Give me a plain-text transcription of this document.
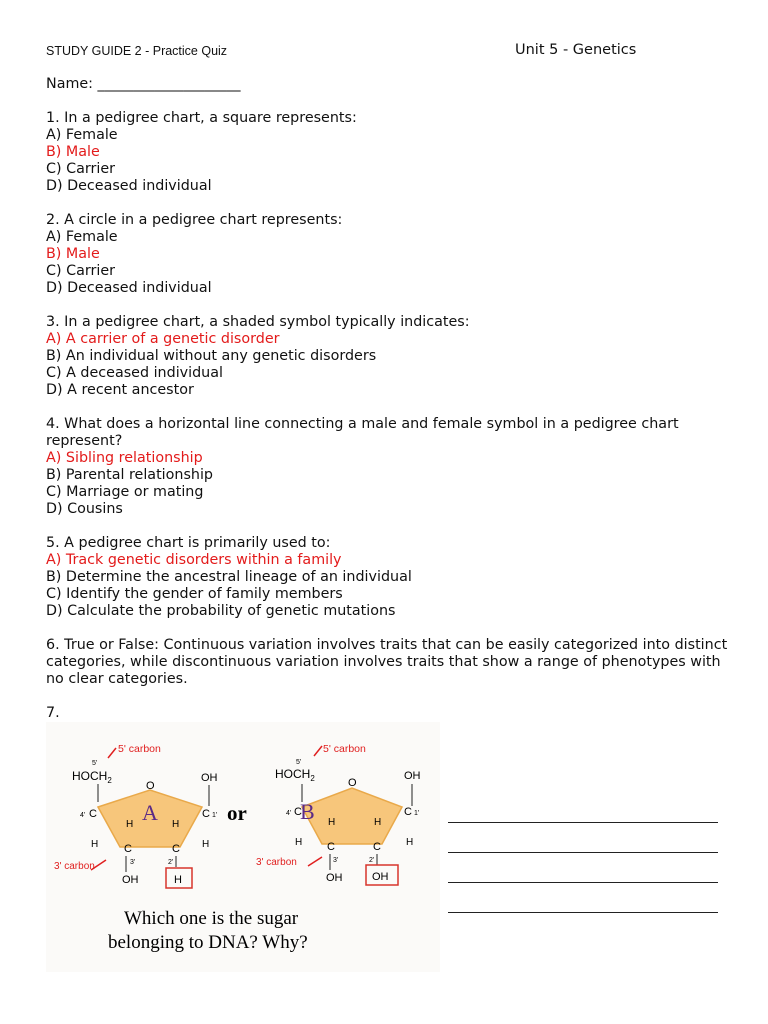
STUDY GUIDE 2 - Practice Quiz	Unit 5 - Genetics
Name: ____________________
1. In a pedigree chart, a square represents:
A) Female
B) Male
C) Carrier
D) Deceased individual
2. A circle in a pedigree chart represents:
A) Female
B) Male
C) Carrier
D) Deceased individual
3. In a pedigree chart, a shaded symbol typically indicates:
A) A carrier of a genetic disorder
B) An individual without any genetic disorders
C) A deceased individual
D) A recent ancestor
4. What does a horizontal line connecting a male and female symbol in a pedigree chart represent?
A) Sibling relationship
B) Parental relationship
C) Marriage or mating
D) Cousins
5. A pedigree chart is primarily used to:
A) Track genetic disorders within a family
B) Determine the ancestral lineage of an individual
C) Identify the gender of family members
D) Calculate the probability of genetic mutations
6. True or False: Continuous variation involves traits that can be easily categorized into distinct categories, while discontinuous variation involves traits that show a range of phenotypes with no clear categories.
7.
5' carbon
5'
$HOCH_2$	O
OH
4' C	C 1'
H	H
H	H
C	C
3'	2'
3' carbon
OH	H
A	or
5' carbon
5'
$HOCH_2$	O
OH
4' C	C 1'
H	H
H	H
C	C
3'	2'
3' carbon
OH	OH
B
Which one is the sugar
belonging to DNA? Why?
